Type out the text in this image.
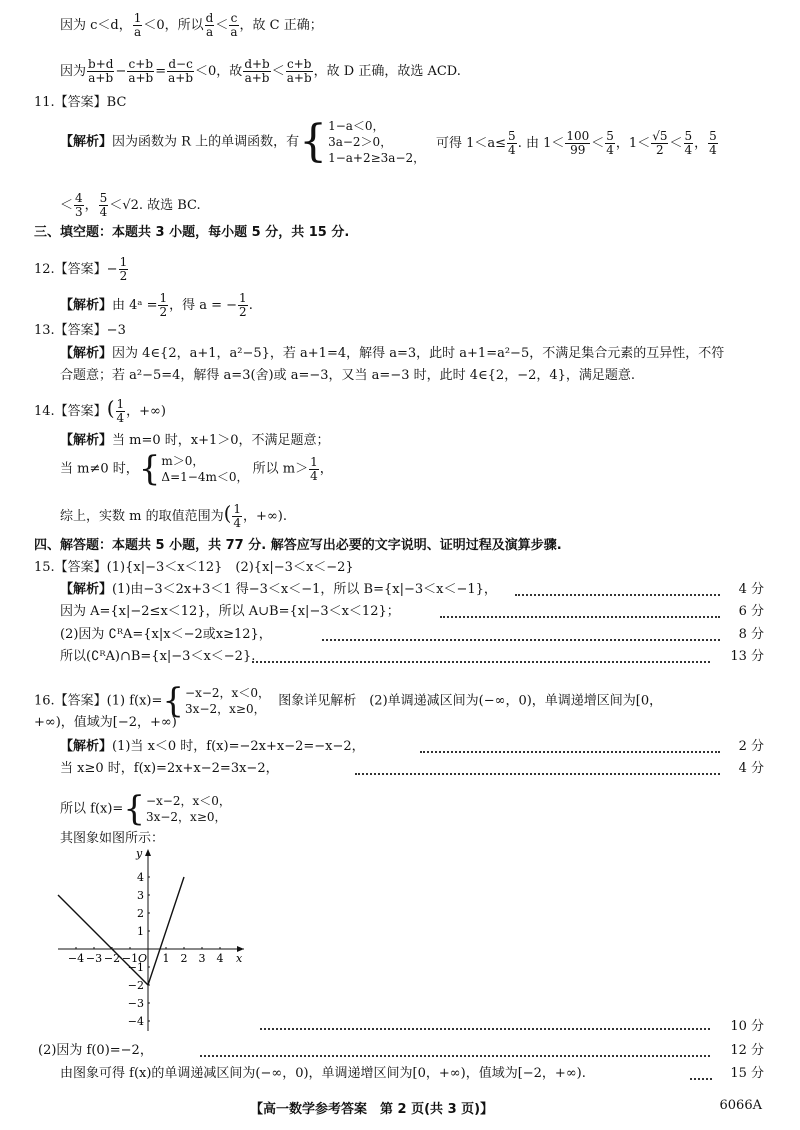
因为 c＜d， $\frac{1}{a} <0$，所以 $\frac{d}{a} < \frac{c}{a}$ ，故 C 正确；
因为 $\frac{b+d}{a+b} - \frac{c+b}{a+b} = \frac{d-c}{a+b} <0$，故 $\frac{d+b}{a+b} < \frac{c+b}{a+b}$ ，故 D 正确，故选 ACD.
11.【答案】BC
【解析】因为函数为 R 上的单调函数，有{ 1−a＜0，
3a−2＞0，
1−a+2≥3a−2，
可得 $1<a\le \frac{5}{4}$ . 由 $1< \frac{100}{99} < \frac{5}{4}$ ，$1< \frac{√5}{2} < \frac{5}{4}$ ， $\frac{5}{4}$
＜ $\frac{4}{3}$ ， $\frac{5}{4} <√2$. 故选 BC.
三、填空题：本题共 3 小题，每小题 5 分，共 15 分.
12.【答案】− $\frac{1}{2}$
【解析】由 4ᵃ = $\frac{1}{2}$ ，得 a = − $\frac{1}{2}$ .
13.【答案】−3
【解析】因为 4∈{2，a+1，a²−5}，若 a+1=4，解得 a=3，此时 a+1=a²−5，不满足集合元素的互异性，不符
合题意；若 a²−5=4，解得 a=3(舍)或 a=−3，又当 a=−3 时，此时 4∈{2，−2，4}，满足题意.
14.【答案】( $\frac{1}{4}$ ，+∞)
【解析】当 m=0 时，x+1＞0，不满足题意；
当 m≠0 时，{ m＞0，
Δ=1−4m＜0，
所以 $m> \frac{1}{4}$ ，
综上，实数 m 的取值范围为( $\frac{1}{4}$ ，+∞).
四、解答题：本题共 5 小题，共 77 分. 解答应写出必要的文字说明、证明过程及演算步骤.
15.【答案】(1){x|−3＜x＜12}　(2){x|−3＜x＜−2}
【解析】(1)由−3＜2x+3＜1 得−3＜x＜−1，所以 B={x|−3＜x＜−1}，	4 分
因为 A={x|−2≤x＜12}，所以 A∪B={x|−3＜x＜12}；	6 分
(2)因为 ∁ᴿA={x|x＜−2或x≥12}，	8 分
所以(∁ᴿA)∩B={x|−3＜x＜−2}.	13 分
16.【答案】(1) f(x)={ −x−2，x＜0，
3x−2，x≥0，
图象详见解析　(2)单调递减区间为(−∞，0)，单调递增区间为[0，
+∞)，值域为[−2，+∞)
【解析】(1)当 x＜0 时，f(x)=−2x+x−2=−x−2，	2 分
当 x≥0 时，f(x)=2x+x−2=3x−2，	4 分
所以 f(x)={ −x−2，x＜0，
3x−2，x≥0，
其图象如图所示：
−4 −3 −2 −1 1 2 3 4
4
3
2
1
−1
−2
−3
−4
x
y
O
10 分
(2)因为 f(0)=−2，	12 分
由图象可得 f(x)的单调递减区间为(−∞，0)，单调递增区间为[0，+∞)，值域为[−2，+∞).	15 分
【高一数学参考答案　第 2 页(共 3 页)】	6066A
